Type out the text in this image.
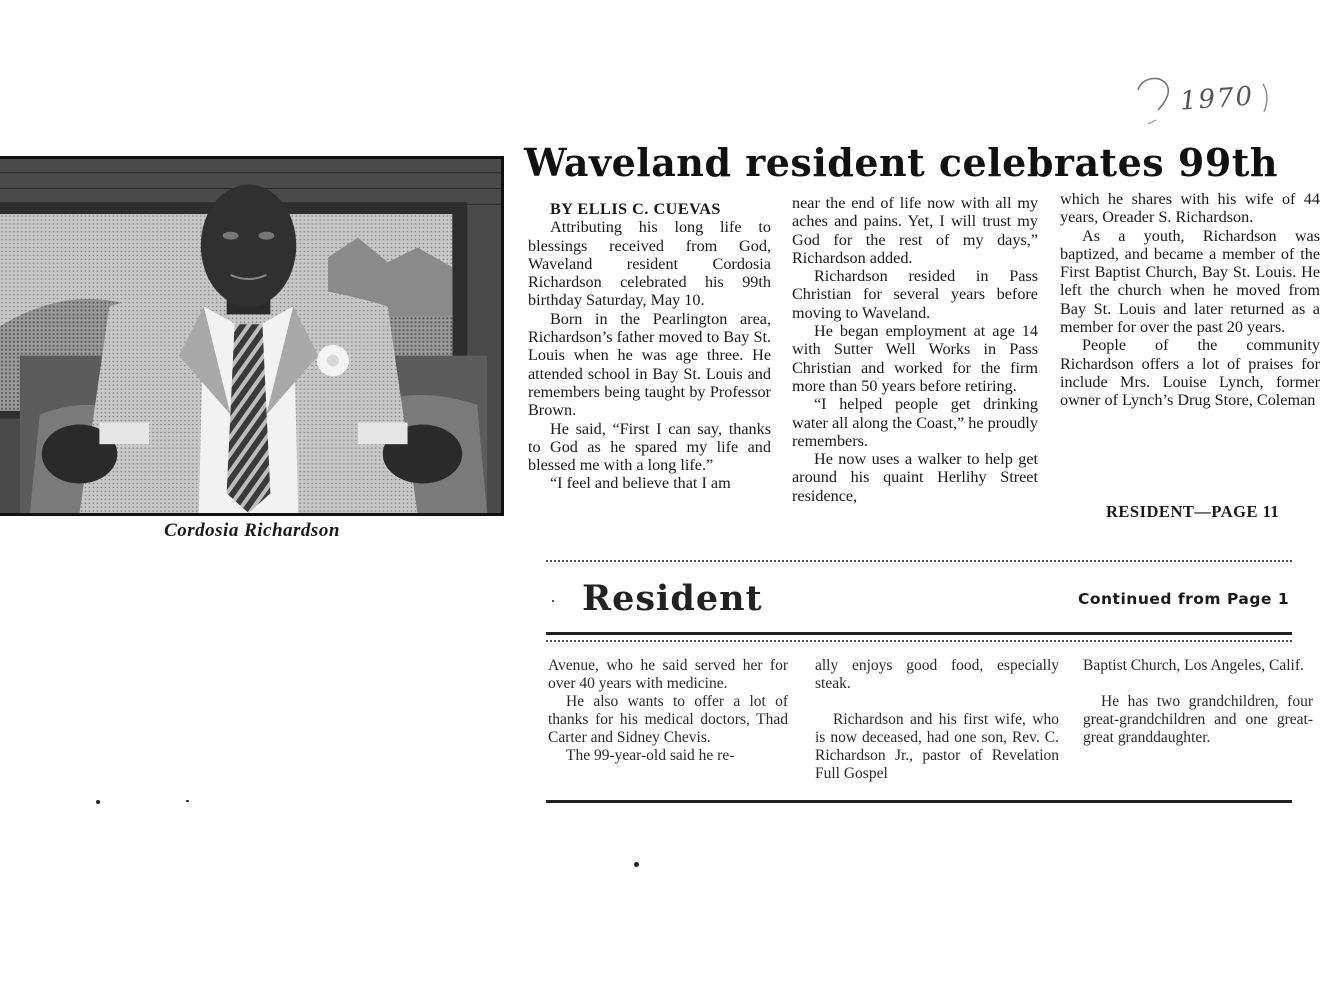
1970
Cordosia Richardson
Waveland resident celebrates 99th

BY ELLIS C. CUEVAS

Attributing his long life to blessings received from God, Waveland resident Cordosia Richardson celebrated his 99th birthday Saturday, May 10.

Born in the Pearlington area, Richardson’s father moved to Bay St. Louis when he was age three. He attended school in Bay St. Louis and remembers being taught by Professor Brown.

He said, “First I can say, thanks to God as he spared my life and blessed me with a long life.”

“I feel and believe that I am

near the end of life now with all my aches and pains. Yet, I will trust my God for the rest of my days,” Richardson added.

Richardson resided in Pass Christian for several years before moving to Waveland.

He began employment at age 14 with Sutter Well Works in Pass Christian and worked for the firm more than 50 years before retiring.

“I helped people get drinking water all along the Coast,” he proudly remembers.

He now uses a walker to help get around his quaint Herlihy Street residence,

which he shares with his wife of 44 years, Oreader S. Richardson.

As a youth, Richardson was baptized, and became a member of the First Baptist Church, Bay St. Louis. He left the church when he moved from Bay St. Louis and later returned as a member for over the past 20 years.

People of the community Richardson offers a lot of praises for include Mrs. Louise Lynch, former owner of Lynch’s Drug Store, Coleman

RESIDENT—PAGE 11
Resident	Continued from Page 1

Avenue, who he said served her for over 40 years with medicine.

He also wants to offer a lot of thanks for his medical doctors, Thad Carter and Sidney Chevis.

The 99-year-old said he re-

ally enjoys good food, especially steak.

Richardson and his first wife, who is now deceased, had one son, Rev. C. Richardson Jr., pastor of Revelation Full Gospel

Baptist Church, Los Angeles, Calif.

He has two grandchildren, four great-grandchildren and one great-great granddaughter.
